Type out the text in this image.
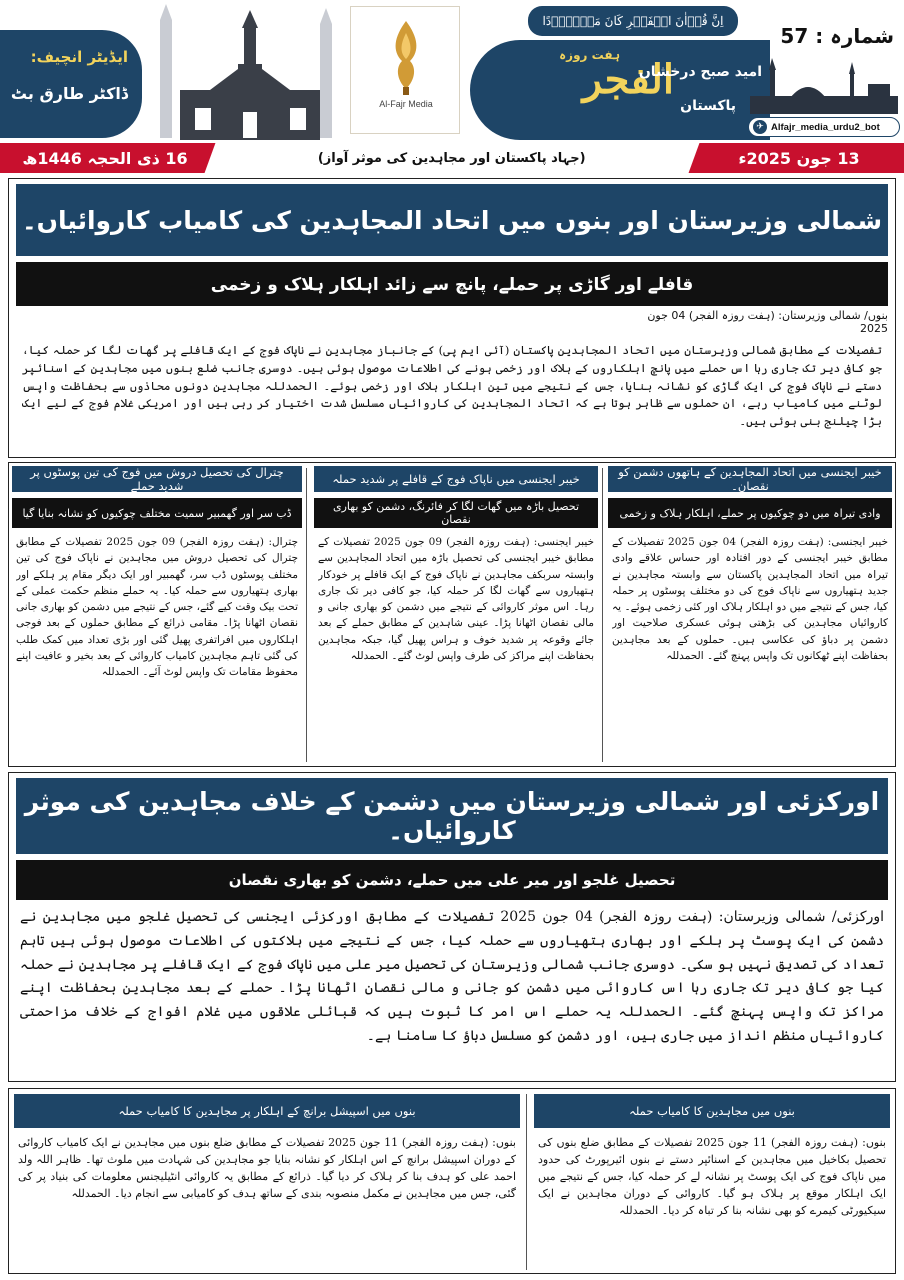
ایڈیٹر انچیف:
ڈاکٹر طارق بٹ
Al-Fajr Media
اِنَّ قُرۡاٰنَ الۡفَجۡرِ کَانَ مَشۡہُوۡدًا
ہفت روزہ
الفجر
امید صبح درخشاں
پاکستان
شمارہ : 57
✈ Alfajr_media_urdu2_bot
13 جون 2025ء
(جہاد پاکستان اور مجاہدین کی موثر آواز)
16 ذی الحجہ 1446ھ
شمالی وزیرستان اور بنوں میں اتحاد المجاہدین کی کامیاب کاروائیاں۔
قافلے اور گاڑی پر حملے، پانچ سے زائد اہلکار ہلاک و زخمی
بنوں/ شمالی وزیرستان: (ہفت روزہ الفجر) 04 جون
2025
تفصیلات کے مطابق شمالی وزیرستان میں اتحاد المجاہدین پاکستان (آئی ایم پی) کے جانباز مجاہدین نے ناپاک فوج کے ایک قافلے پر گھات لگا کر حملہ کیا، جو کافی دیر تک جاری رہا اس حملے میں پانچ اہلکاروں کے ہلاک اور زخمی ہونے کی اطلاعات موصول ہوئی ہیں۔ دوسری جانب ضلع بنوں میں مجاہدین کے اسنائپر دستے نے ناپاک فوج کی ایک گاڑی کو نشانہ بنایا، جس کے نتیجے میں تین اہلکار ہلاک اور زخمی ہوئے۔ الحمدللہ مجاہدین دونوں محاذوں سے بحفاظت واپس لوٹنے میں کامیاب رہے، ان حملوں سے ظاہر ہوتا ہے کہ اتحاد المجاہدین کی کاروائیاں مسلسل شدت اختیار کر رہی ہیں اور امریکی غلام فوج کے لیے ایک بڑا چیلنج بنی ہوئی ہیں۔
خیبر ایجنسی میں اتحاد المجاہدین کے ہاتھوں دشمن کو نقصان۔
وادی تیراہ میں دو چوکیوں پر حملے، اہلکار ہلاک و زخمی
خیبر ایجنسی: (ہفت روزہ الفجر) 04 جون 2025 تفصیلات کے مطابق خیبر ایجنسی کے دور افتادہ اور حساس علاقے وادی تیراہ میں اتحاد المجاہدین پاکستان سے وابستہ مجاہدین نے جدید ہتھیاروں سے ناپاک فوج کی دو مختلف پوسٹوں پر حملہ کیا، جس کے نتیجے میں دو اہلکار ہلاک اور کئی زخمی ہوئے۔ یہ کاروائیاں مجاہدین کی بڑھتی ہوئی عسکری صلاحیت اور دشمن پر دباؤ کی عکاسی ہیں۔ حملوں کے بعد مجاہدین بحفاظت اپنے ٹھکانوں تک واپس پہنچ گئے۔ الحمدللہ
خیبر ایجنسی میں ناپاک فوج کے قافلے پر شدید حملہ
تحصیل باڑہ میں گھات لگا کر فائرنگ، دشمن کو بھاری نقصان
خیبر ایجنسی: (ہفت روزہ الفجر) 09 جون 2025 تفصیلات کے مطابق خیبر ایجنسی کی تحصیل باڑہ میں اتحاد المجاہدین سے وابستہ سربکف مجاہدین نے ناپاک فوج کے ایک قافلے پر خودکار ہتھیاروں سے گھات لگا کر حملہ کیا، جو کافی دیر تک جاری رہا۔ اس موثر کاروائی کے نتیجے میں دشمن کو بھاری جانی و مالی نقصان اٹھانا پڑا۔ عینی شاہدین کے مطابق حملے کے بعد جائے وقوعہ پر شدید خوف و ہراس پھیل گیا، جبکہ مجاہدین بحفاظت اپنے مراکز کی طرف واپس لوٹ گئے۔ الحمدللہ
چترال کی تحصیل دروش میں فوج کی تین پوسٹوں پر شدید حملے
ڈب سر اور گھمبیر سمیت مختلف چوکیوں کو نشانہ بنایا گیا
چترال: (ہفت روزہ الفجر) 09 جون 2025 تفصیلات کے مطابق چترال کی تحصیل دروش میں مجاہدین نے ناپاک فوج کی تین مختلف پوسٹوں ڈب سر، گھمبیر اور ایک دیگر مقام پر ہلکے اور بھاری ہتھیاروں سے حملہ کیا۔ یہ حملے منظم حکمت عملی کے تحت بیک وقت کیے گئے، جس کے نتیجے میں دشمن کو بھاری جانی نقصان اٹھانا پڑا۔ مقامی ذرائع کے مطابق حملوں کے بعد فوجی اہلکاروں میں افراتفری پھیل گئی اور بڑی تعداد میں کمک طلب کی گئی تاہم مجاہدین کامیاب کاروائی کے بعد بخیر و عافیت اپنے محفوظ مقامات تک واپس لوٹ آئے۔ الحمدللہ
اورکزئی اور شمالی وزیرستان میں دشمن کے خلاف مجاہدین کی موثر کاروائیاں۔
تحصیل غلجو اور میر علی میں حملے، دشمن کو بھاری نقصان
اورکزئی/ شمالی وزیرستان: (ہفت روزہ الفجر) 04 جون 2025 تفصیلات کے مطابق اورکزئی ایجنسی کی تحصیل غلجو میں مجاہدین نے دشمن کی ایک پوسٹ پر ہلکے اور بھاری ہتھیاروں سے حملہ کیا، جس کے نتیجے میں ہلاکتوں کی اطلاعات موصول ہوئی ہیں تاہم تعداد کی تصدیق نہیں ہو سکی۔ دوسری جانب شمالی وزیرستان کی تحصیل میر علی میں ناپاک فوج کے ایک قافلے پر مجاہدین نے حملہ کیا جو کافی دیر تک جاری رہا اس کاروائی میں دشمن کو جانی و مالی نقصان اٹھانا پڑا۔ حملے کے بعد مجاہدین بحفاظت اپنے مراکز تک واپس پہنچ گئے۔ الحمدللہ یہ حملے اس امر کا ثبوت ہیں کہ قبائلی علاقوں میں غلام افواج کے خلاف مزاحمتی کاروائیاں منظم انداز میں جاری ہیں، اور دشمن کو مسلسل دباؤ کا سامنا ہے۔
بنوں میں مجاہدین کا کامیاب حملہ
بنوں: (ہفت روزہ الفجر) 11 جون 2025 تفصیلات کے مطابق ضلع بنوں کی تحصیل بکاخیل میں مجاہدین کے اسنائپر دستے نے بنوں ائیرپورٹ کی حدود میں ناپاک فوج کی ایک پوسٹ پر نشانہ لے کر حملہ کیا، جس کے نتیجے میں ایک اہلکار موقع پر ہلاک ہو گیا۔ کاروائی کے دوران مجاہدین نے ایک سیکیورٹی کیمرے کو بھی نشانہ بنا کر تباہ کر دیا۔ الحمدللہ
بنوں میں اسپیشل برانچ کے اہلکار پر مجاہدین کا کامیاب حملہ
بنوں: (ہفت روزہ الفجر) 11 جون 2025 تفصیلات کے مطابق ضلع بنوں میں مجاہدین نے ایک کامیاب کاروائی کے دوران اسپیشل برانچ کے اس اہلکار کو نشانہ بنایا جو مجاہدین کی شہادت میں ملوث تھا۔ ظاہر اللہ ولد احمد علی کو ہدف بنا کر ہلاک کر دیا گیا۔ ذرائع کے مطابق یہ کاروائی انٹیلیجنس معلومات کی بنیاد پر کی گئی، جس میں مجاہدین نے مکمل منصوبہ بندی کے ساتھ ہدف کو کامیابی سے انجام دیا۔ الحمدللہ
